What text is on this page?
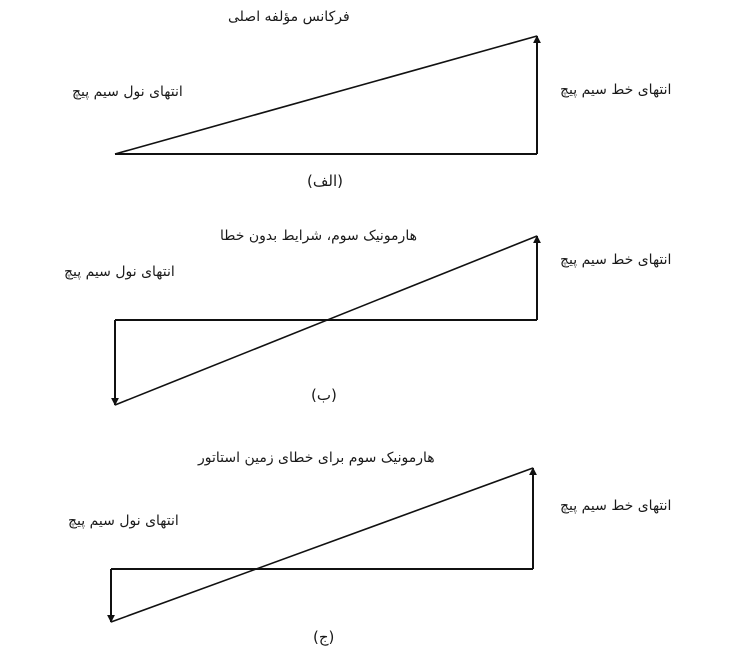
فرکانس مؤلفه اصلی
انتهای نول سیم پیچ	انتهای خط سیم پیچ
(الف)
هارمونیک سوم، شرایط بدون خطا
انتهای نول سیم پیچ
انتهای خط سیم پیچ
(ب)
هارمونیک سوم برای خطای زمین استاتور
انتهای نول سیم پیچ
انتهای خط سیم پیچ
(ج)
